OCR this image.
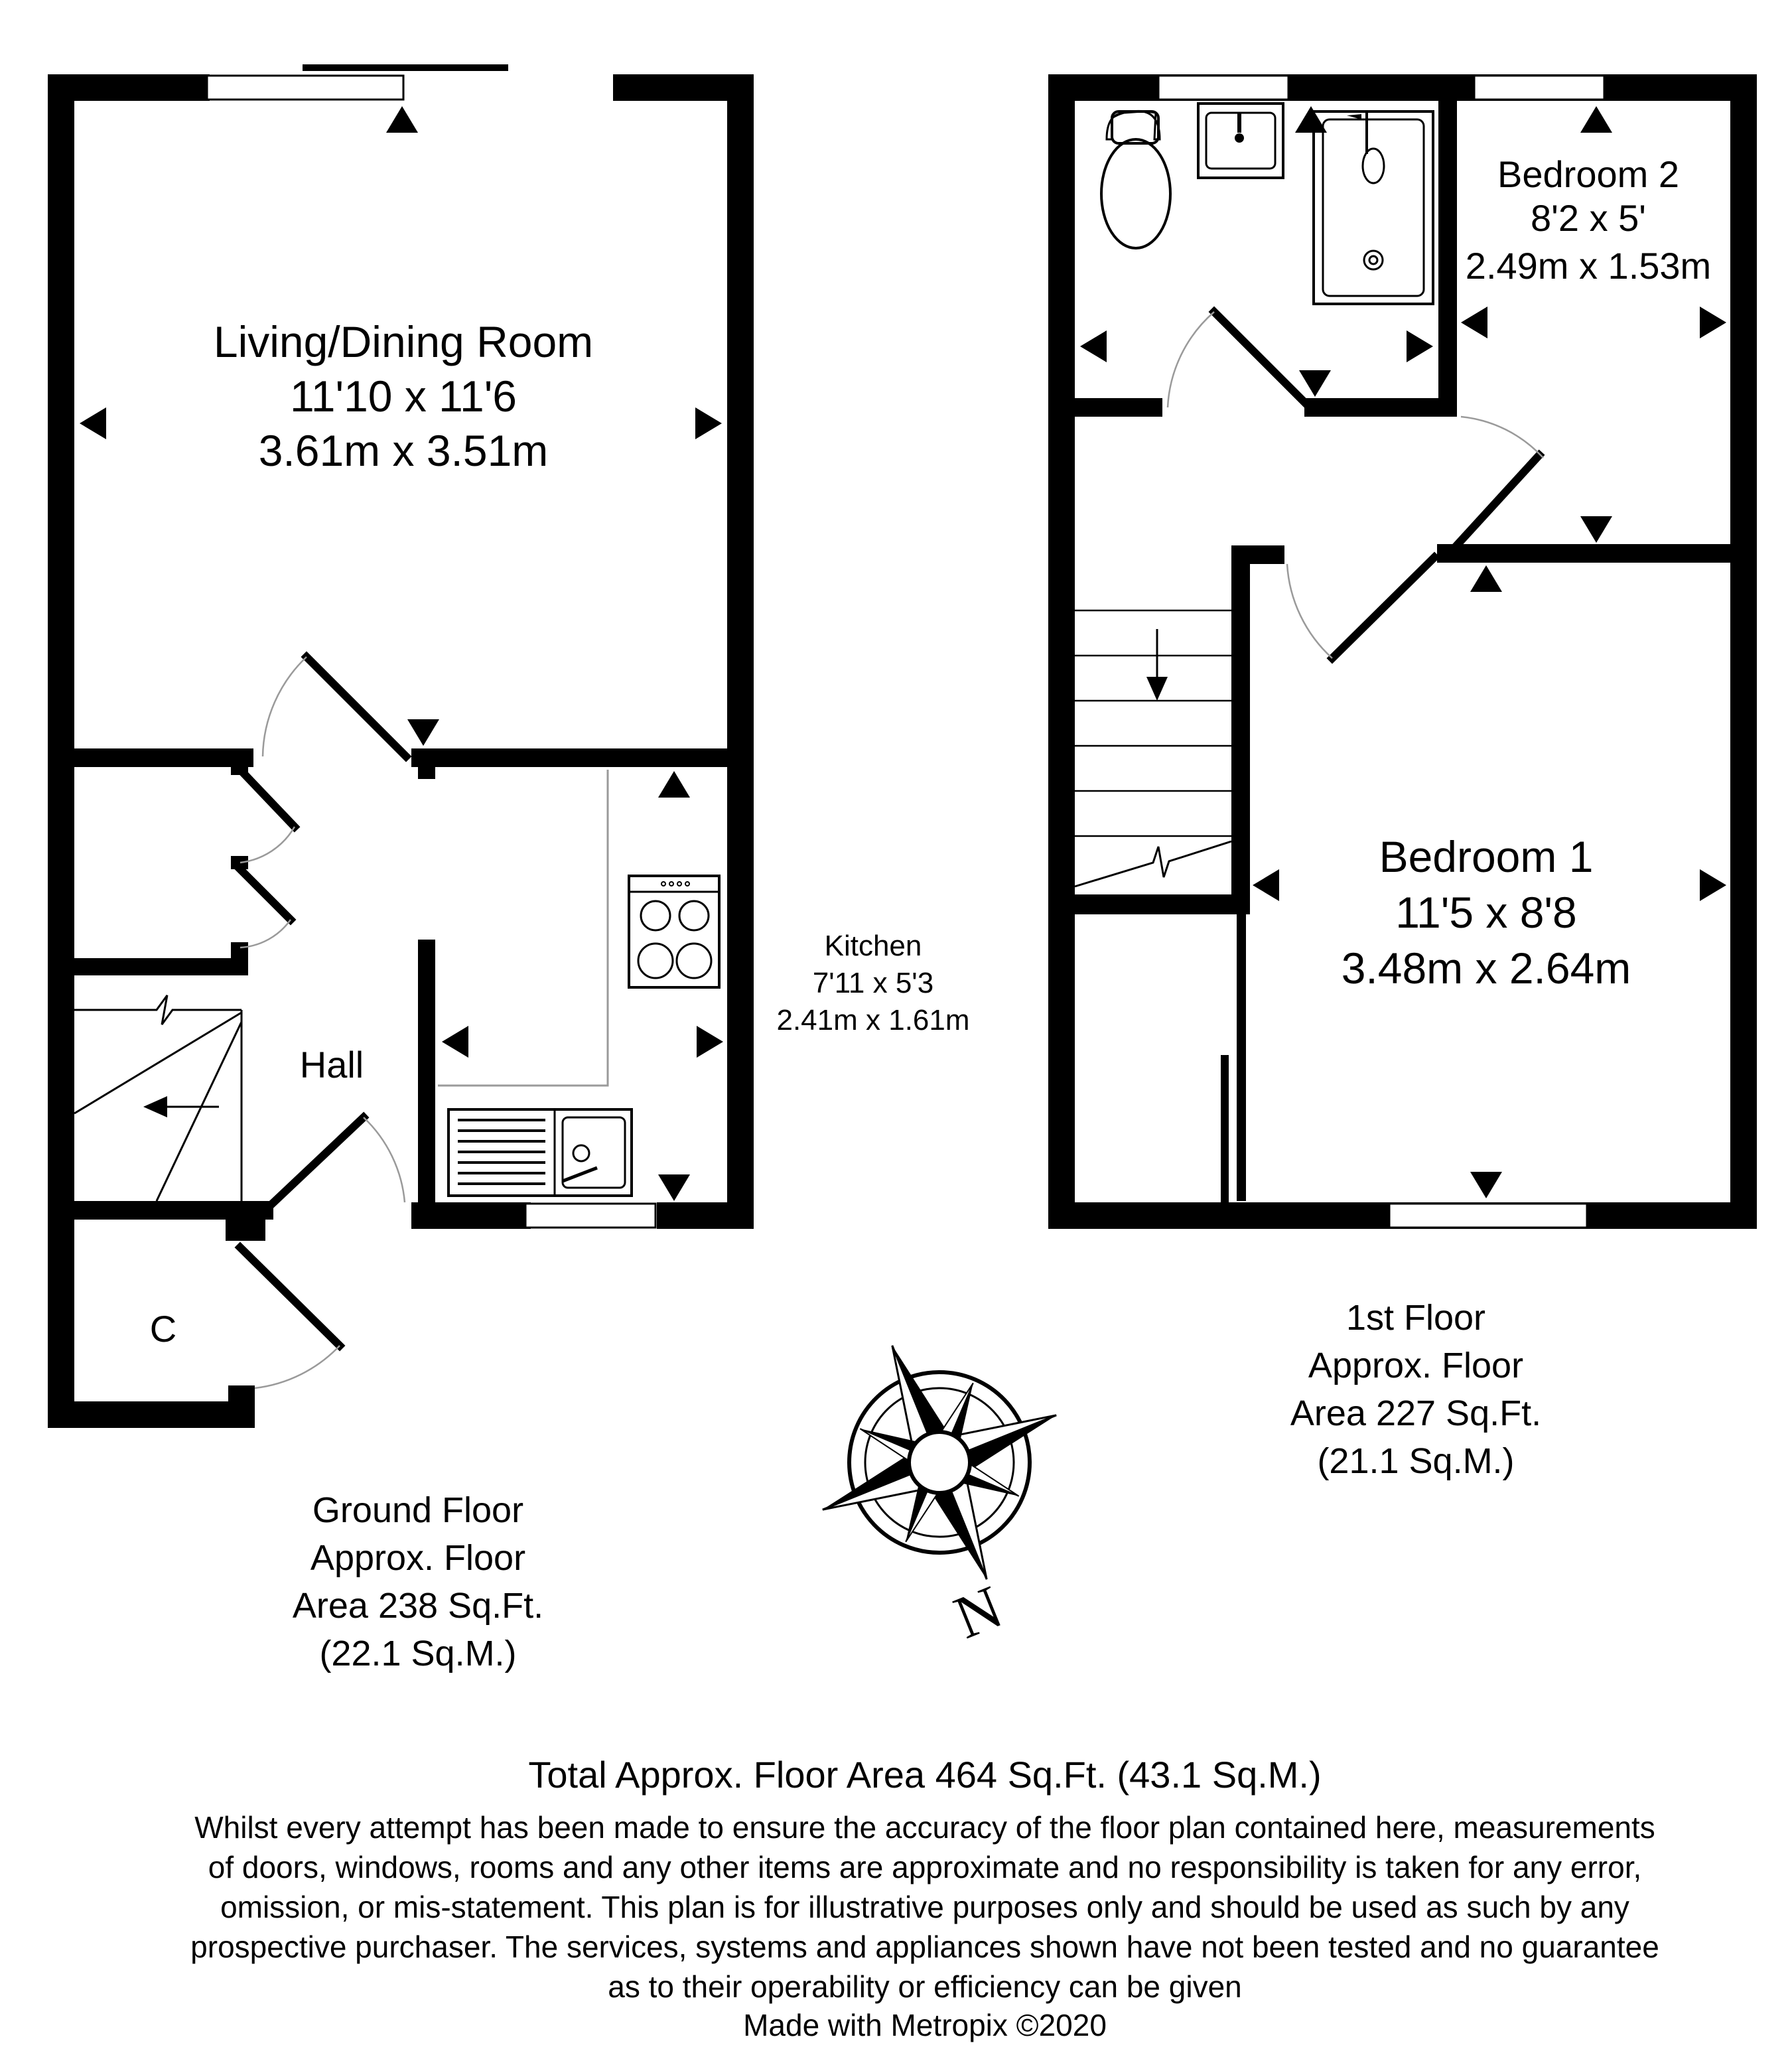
N
Living/Dining Room
11'10 x 11'6
3.61m x 3.51m
Kitchen
7'11 x 5'3
2.41m x 1.61m
Hall
C
Bedroom 1
11'5 x 8'8
3.48m x 2.64m
Bedroom 2
8'2 x 5'
2.49m x 1.53m
Ground Floor
Approx. Floor
Area 238 Sq.Ft.
(22.1 Sq.M.)
1st Floor
Approx. Floor
Area 227 Sq.Ft.
(21.1 Sq.M.)
Total Approx. Floor Area 464 Sq.Ft. (43.1 Sq.M.)
Whilst every attempt has been made to ensure the accuracy of the floor plan contained here, measurements
of doors, windows, rooms and any other items are approximate and no responsibility is taken for any error,
omission, or mis-statement. This plan is for illustrative purposes only and should be used as such by any
prospective purchaser. The services, systems and appliances shown have not been tested and no guarantee
as to their operability or efficiency can be given
Made with Metropix ©2020
